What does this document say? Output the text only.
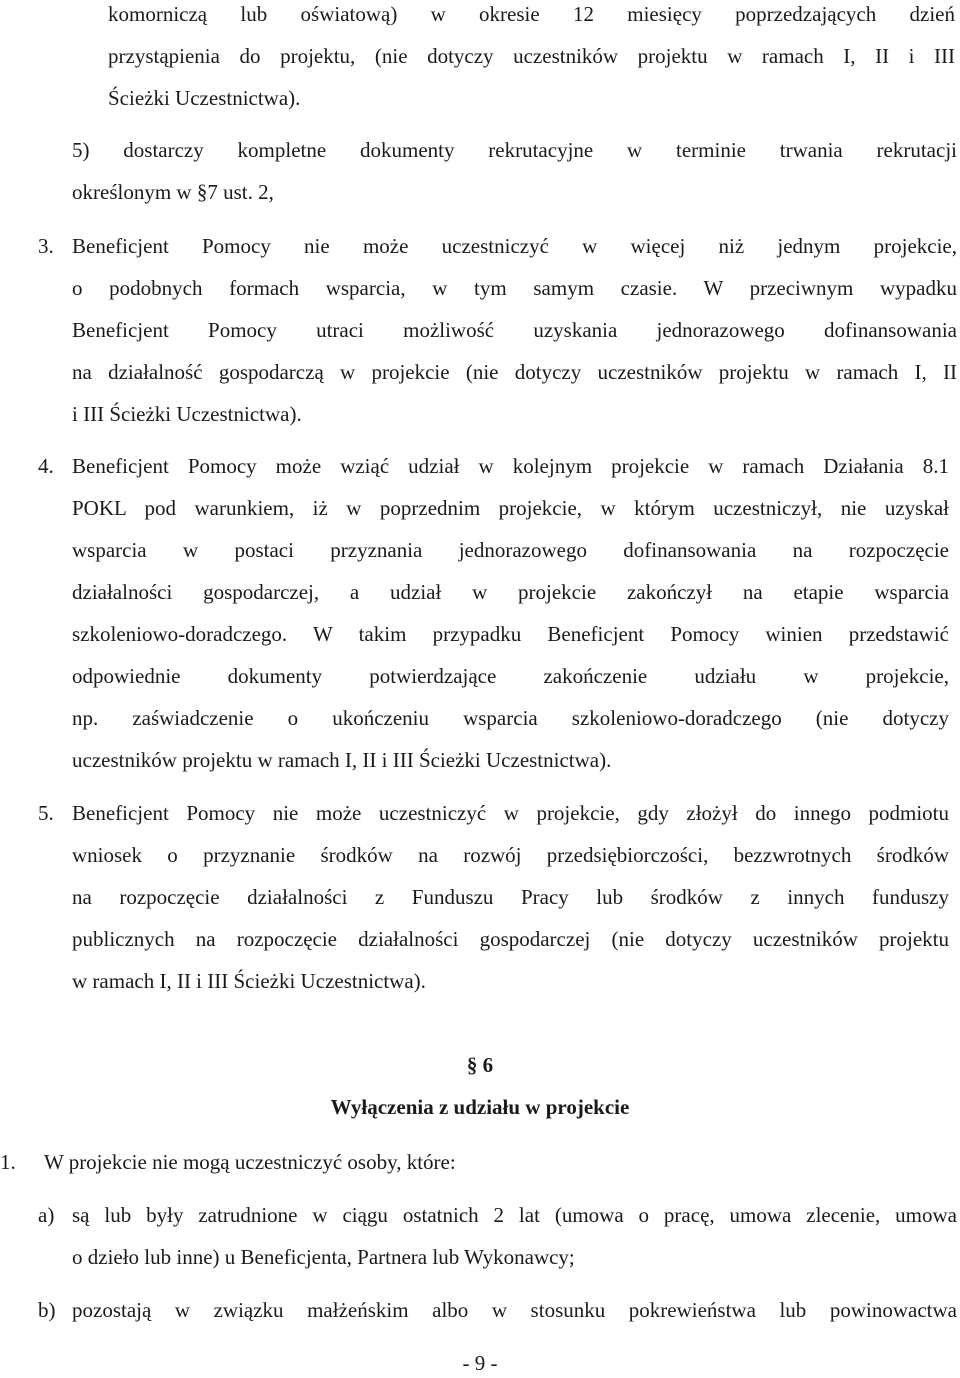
komorniczą lub oświatową) w okresie 12 miesięcy poprzedzających dzień
przystąpienia do projektu, (nie dotyczy uczestników projektu w ramach I, II i III
Ścieżki Uczestnictwa).
5) dostarczy kompletne dokumenty rekrutacyjne w terminie trwania rekrutacji
określonym w §7 ust. 2,
3. Beneficjent Pomocy nie może uczestniczyć w więcej niż jednym projekcie,
o podobnych formach wsparcia, w tym samym czasie. W przeciwnym wypadku
Beneficjent Pomocy utraci możliwość uzyskania jednorazowego dofinansowania
na działalność gospodarczą w projekcie (nie dotyczy uczestników projektu w ramach I, II
i III Ścieżki Uczestnictwa).
4. Beneficjent Pomocy może wziąć udział w kolejnym projekcie w ramach Działania 8.1
POKL pod warunkiem, iż w poprzednim projekcie, w którym uczestniczył, nie uzyskał
wsparcia w postaci przyznania jednorazowego dofinansowania na rozpoczęcie
działalności gospodarczej, a udział w projekcie zakończył na etapie wsparcia
szkoleniowo-doradczego. W takim przypadku Beneficjent Pomocy winien przedstawić
odpowiednie dokumenty potwierdzające zakończenie udziału w projekcie,
np. zaświadczenie o ukończeniu wsparcia szkoleniowo-doradczego (nie dotyczy
uczestników projektu w ramach I, II i III Ścieżki Uczestnictwa).
5. Beneficjent Pomocy nie może uczestniczyć w projekcie, gdy złożył do innego podmiotu
wniosek o przyznanie środków na rozwój przedsiębiorczości, bezzwrotnych środków
na rozpoczęcie działalności z Funduszu Pracy lub środków z innych funduszy
publicznych na rozpoczęcie działalności gospodarczej (nie dotyczy uczestników projektu
w ramach I, II i III Ścieżki Uczestnictwa).
§ 6
Wyłączenia z udziału w projekcie
1. W projekcie nie mogą uczestniczyć osoby, które:
a) są lub były zatrudnione w ciągu ostatnich 2 lat (umowa o pracę, umowa zlecenie, umowa
o dzieło lub inne) u Beneficjenta, Partnera lub Wykonawcy;
b) pozostają w związku małżeńskim albo w stosunku pokrewieństwa lub powinowactwa
- 9 -
